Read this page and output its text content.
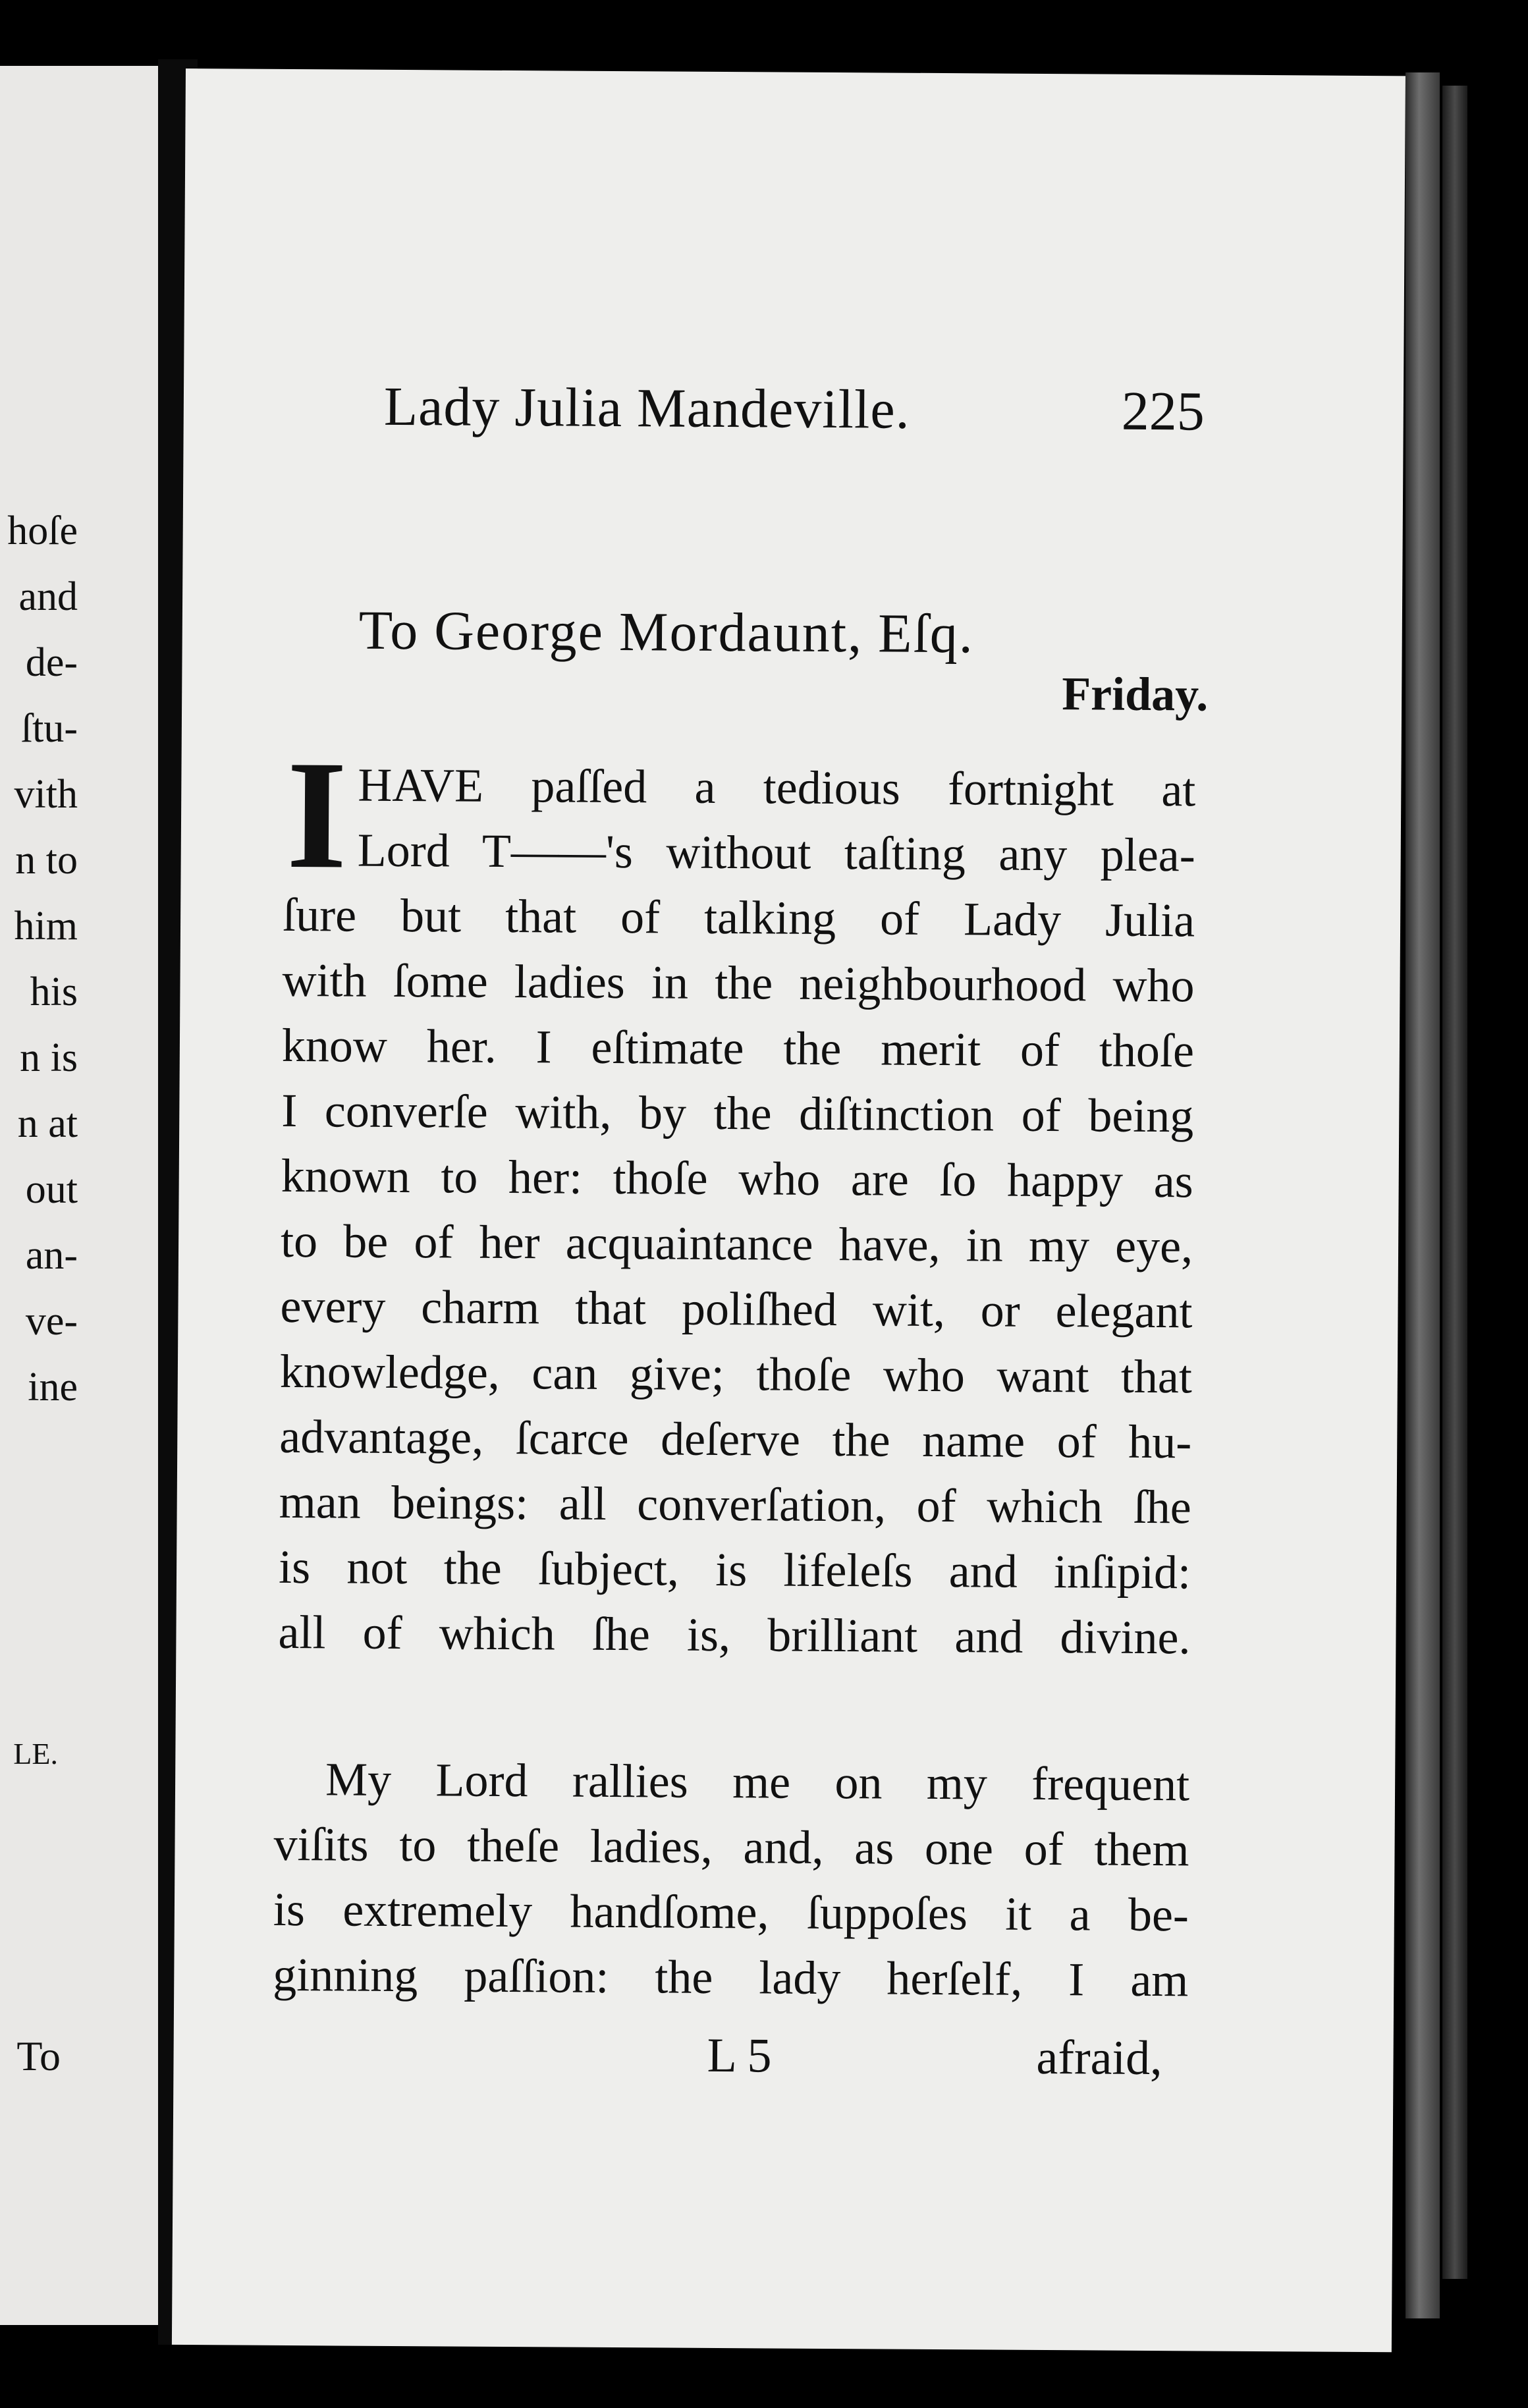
hoſe
and
de-
ſtu-
vith
n to
him
his
n is
n at
out
an-
ve-
ine
LE.
To
Lady Julia Mandeville.	225
To George Mordaunt, Eſq.
Friday.
I HAVE paſſed a tedious fortnight at
Lord T——'s without taſting any plea-
ſure but that of talking of Lady Julia
with ſome ladies in the neighbourhood who
know her. I eſtimate the merit of thoſe
I converſe with, by the diſtinction of being
known to her: thoſe who are ſo happy as
to be of her acquaintance have, in my eye,
every charm that poliſhed wit, or elegant
knowledge, can give; thoſe who want that
advantage, ſcarce deſerve the name of hu-
man beings: all converſation, of which ſhe
is not the ſubject, is lifeleſs and inſipid:
all of which ſhe is, brilliant and divine.
My Lord rallies me on my frequent
viſits to theſe ladies, and, as one of them
is extremely handſome, ſuppoſes it a be-
ginning paſſion: the lady herſelf, I am
L 5	afraid,
